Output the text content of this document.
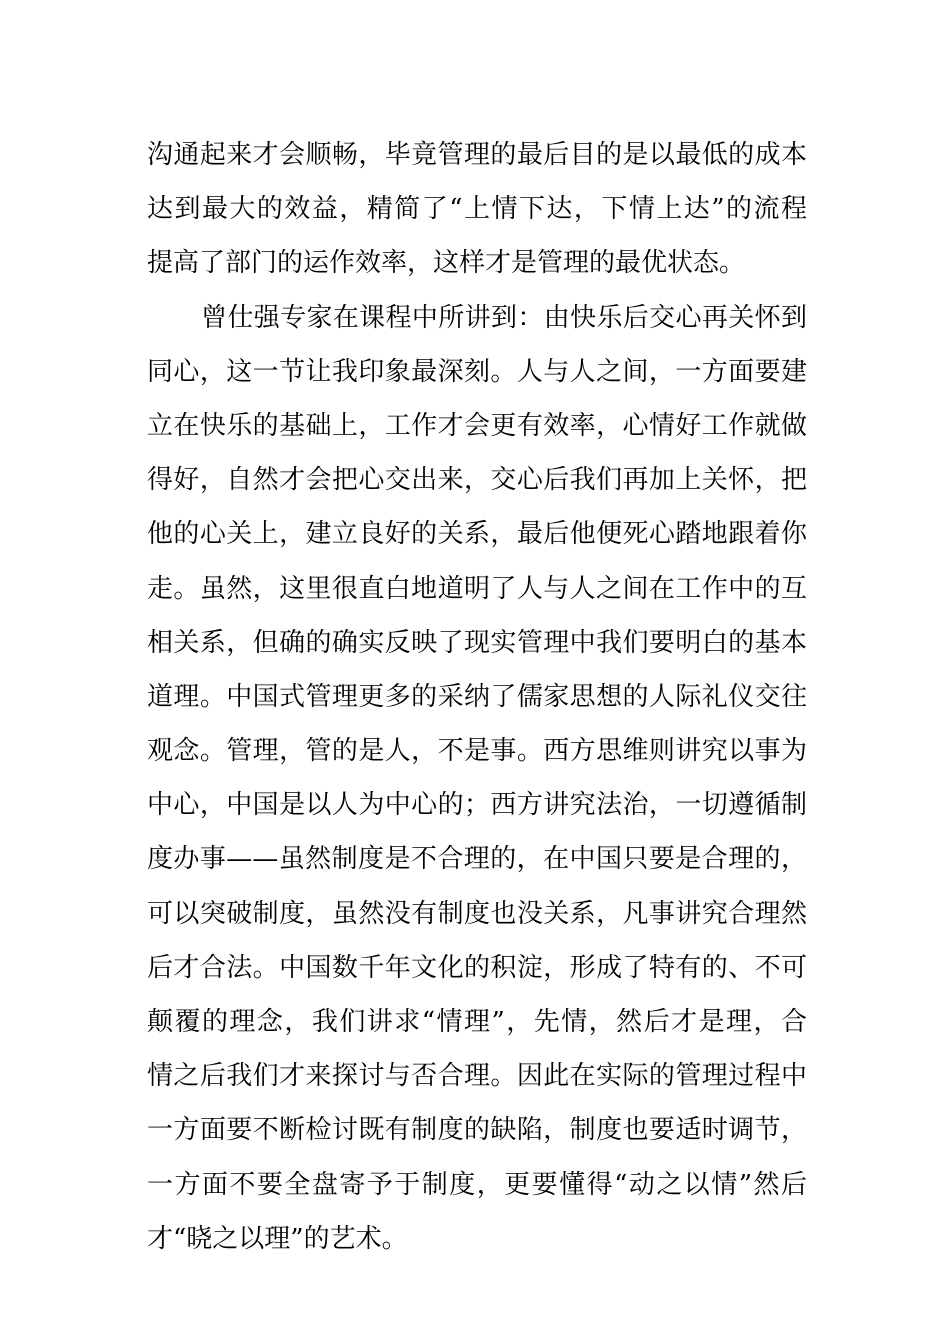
沟通起来才会顺畅，毕竟管理的最后目的是以最低的成本
达到最大的效益，精简了“上情下达，下情上达”的流程
提高了部门的运作效率，这样才是管理的最优状态。
曾仕强专家在课程中所讲到：由快乐后交心再关怀到
同心，这一节让我印象最深刻。人与人之间，一方面要建
立在快乐的基础上，工作才会更有效率，心情好工作就做
得好，自然才会把心交出来，交心后我们再加上关怀，把
他的心关上，建立良好的关系，最后他便死心踏地跟着你
走。虽然，这里很直白地道明了人与人之间在工作中的互
相关系，但确的确实反映了现实管理中我们要明白的基本
道理。中国式管理更多的采纳了儒家思想的人际礼仪交往
观念。管理，管的是人，不是事。西方思维则讲究以事为
中心，中国是以人为中心的；西方讲究法治，一切遵循制
度办事——虽然制度是不合理的，在中国只要是合理的，
可以突破制度，虽然没有制度也没关系，凡事讲究合理然
后才合法。中国数千年文化的积淀，形成了特有的、不可
颠覆的理念，我们讲求“情理”，先情，然后才是理，合
情之后我们才来探讨与否合理。因此在实际的管理过程中
一方面要不断检讨既有制度的缺陷，制度也要适时调节，
一方面不要全盘寄予于制度，更要懂得“动之以情”然后
才“晓之以理”的艺术。
